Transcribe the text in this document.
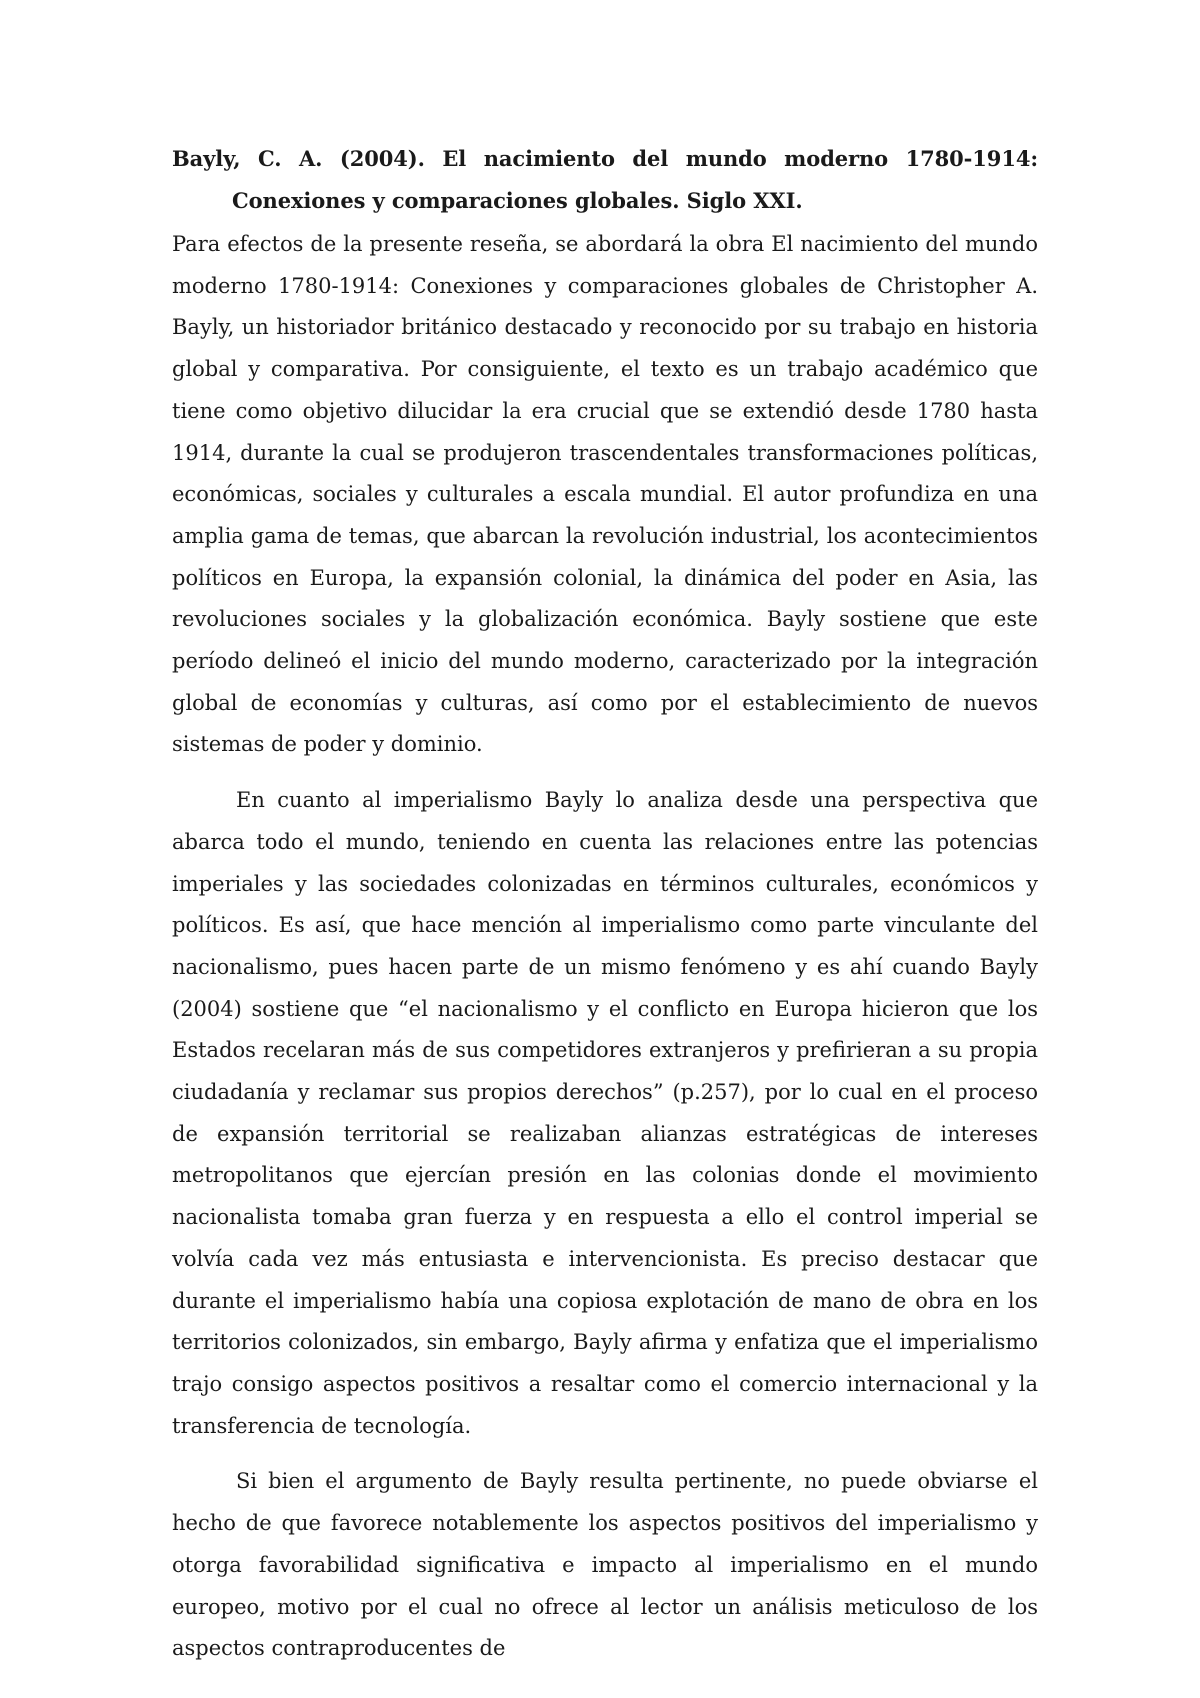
Bayly, C. A. (2004). El nacimiento del mundo moderno 1780-1914: Conexiones y comparaciones globales. Siglo XXI.

Para efectos de la presente reseña, se abordará la obra El nacimiento del mundo moderno 1780-1914: Conexiones y comparaciones globales de Christopher A. Bayly, un historiador británico destacado y reconocido por su trabajo en historia global y comparativa. Por consiguiente, el texto es un trabajo académico que tiene como objetivo dilucidar la era crucial que se extendió desde 1780 hasta 1914, durante la cual se produjeron trascendentales transformaciones políticas, económicas, sociales y culturales a escala mundial. El autor profundiza en una amplia gama de temas, que abarcan la revolución industrial, los acontecimientos políticos en Europa, la expansión colonial, la dinámica del poder en Asia, las revoluciones sociales y la globalización económica. Bayly sostiene que este período delineó el inicio del mundo moderno, caracterizado por la integración global de economías y culturas, así como por el establecimiento de nuevos sistemas de poder y dominio.

En cuanto al imperialismo Bayly lo analiza desde una perspectiva que abarca todo el mundo, teniendo en cuenta las relaciones entre las potencias imperiales y las sociedades colonizadas en términos culturales, económicos y políticos. Es así, que hace mención al imperialismo como parte vinculante del nacionalismo, pues hacen parte de un mismo fenómeno y es ahí cuando Bayly (2004) sostiene que “el nacionalismo y el conflicto en Europa hicieron que los Estados recelaran más de sus competidores extranjeros y prefirieran a su propia ciudadanía y reclamar sus propios derechos” (p.257), por lo cual en el proceso de expansión territorial se realizaban alianzas estratégicas de intereses metropolitanos que ejercían presión en las colonias donde el movimiento nacionalista tomaba gran fuerza y en respuesta a ello el control imperial se volvía cada vez más entusiasta e intervencionista. Es preciso destacar que durante el imperialismo había una copiosa explotación de mano de obra en los territorios colonizados, sin embargo, Bayly afirma y enfatiza que el imperialismo trajo consigo aspectos positivos a resaltar como el comercio internacional y la transferencia de tecnología.

Si bien el argumento de Bayly resulta pertinente, no puede obviarse el hecho de que favorece notablemente los aspectos positivos del imperialismo y otorga favorabilidad significativa e impacto al imperialismo en el mundo europeo, motivo por el cual no ofrece al lector un análisis meticuloso de los aspectos contraproducentes de
